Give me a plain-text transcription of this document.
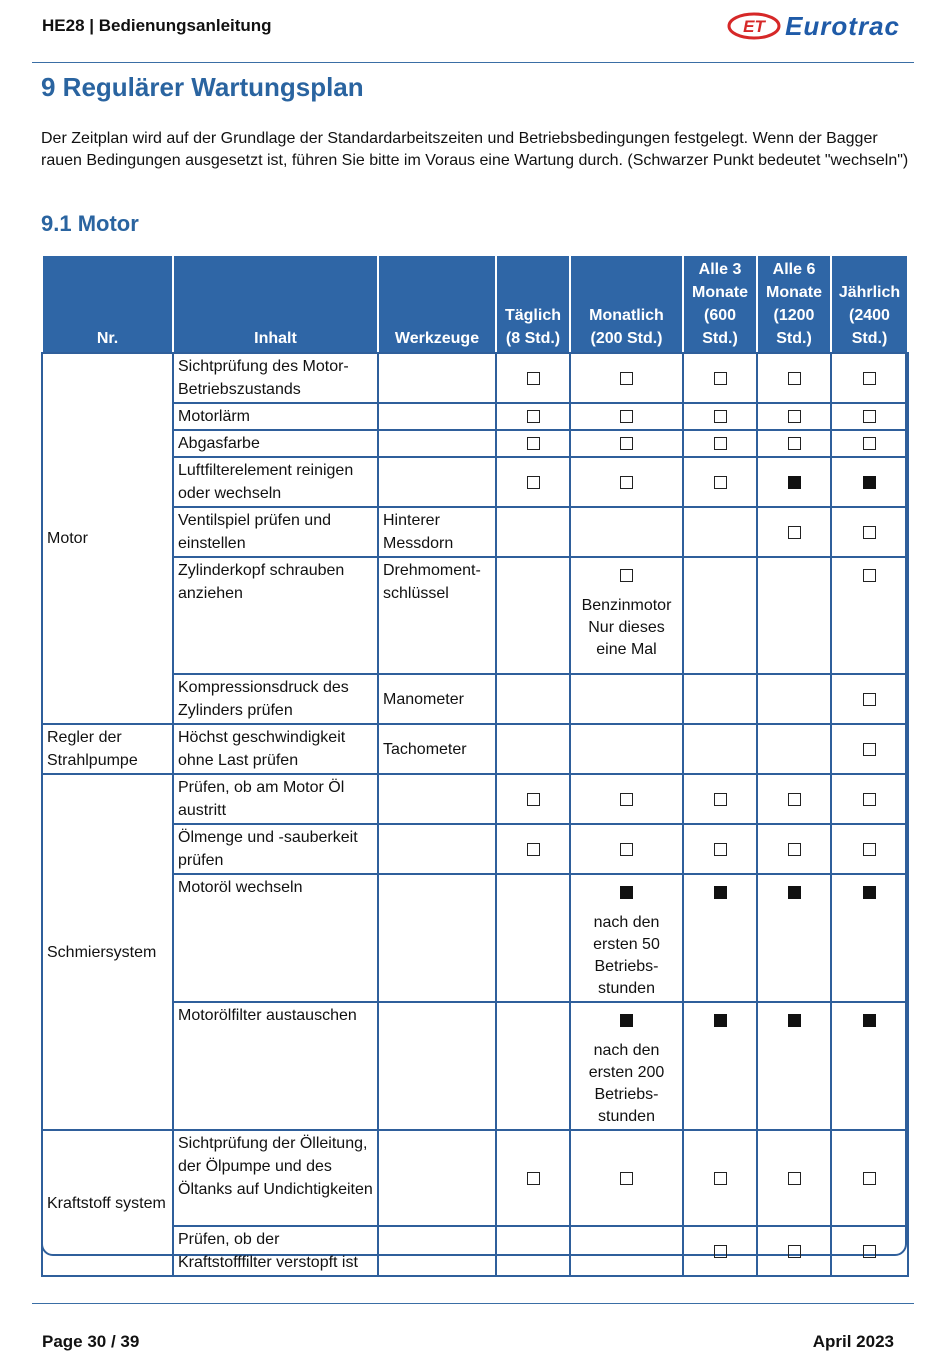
HE28 | Bedienungsanleitung	ET Eurotrac
9 Regulärer Wartungsplan

Der Zeitplan wird auf der Grundlage der Standardarbeitszeiten und Betriebsbedingungen festgelegt. Wenn der Bagger rauen Bedingungen ausgesetzt ist, führen Sie bitte im Voraus eine Wartung durch. (Schwarzer Punkt bedeutet "wechseln")

9.1 Motor
Nr.	Inhalt	Werkzeuge	Täglich (8 Std.)	Monatlich (200 Std.)	Alle 3 Monate (600 Std.)	Alle 6 Monate (1200 Std.)	Jährlich (2400 Std.)
Motor	Sichtprüfung des Motor-Betriebszustands						
	Motorlärm						
	Abgasfarbe						
	Luftfilterelement reinigen oder wechseln						
	Ventilspiel prüfen und einstellen	Hinterer Messdorn					
	Zylinderkopf schrauben anziehen	Drehmoment-schlüssel		Benzinmotor Nur dieses eine Mal			

	Kompressionsdruck des Zylinders prüfen	Manometer					
Regler der Strahlpumpe	Höchst geschwindigkeit ohne Last prüfen	Tachometer					
Schmiersystem	Prüfen, ob am Motor Öl austritt						
	Ölmenge und -sauberkeit prüfen						
	Motoröl wechseln			nach den ersten 50 Betriebs-stunden			

	Motorölfilter austauschen			nach den ersten 200 Betriebs-stunden			

Kraftstoff system	Sichtprüfung der Ölleitung, der Ölpumpe und des Öltanks auf Undichtigkeiten						
	Prüfen, ob der Kraftstofffilter verstopft ist						
Page 30 / 39	April 2023
